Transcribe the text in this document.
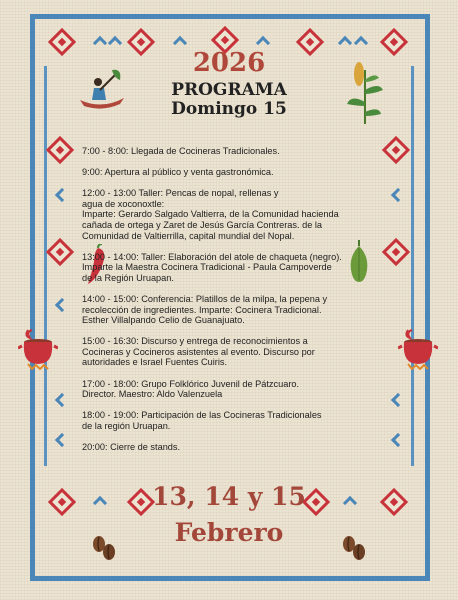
2026
PROGRAMA
Domingo 15
7:00 - 8:00: Llegada de Cocineras Tradicionales.
9:00: Apertura al público y venta gastronómica.
12:00 - 13:00 Taller: Pencas de nopal, rellenas y
agua de xoconoxtle:
Imparte: Gerardo Salgado Valtierra, de la Comunidad hacienda
cañada de ortega y Zaret de Jesús García Contreras. de la
Comunidad de Valtierrilla, capital mundial del Nopal.
13:00 - 14:00: Taller: Elaboración del atole de chaqueta (negro).
Imparte la Maestra Cocinera Tradicional - Paula Campoverde
de la Región Uruapan.
14:00 - 15:00: Conferencia: Platillos de la milpa, la pepena y
recolección de ingredientes. Imparte: Cocinera Tradicional.
Esther Villalpando Celio de Guanajuato.
15:00 - 16:30: Discurso y entrega de reconocimientos a
Cocineras y Cocineros asistentes al evento. Discurso por
autoridades e Israel Fuentes Cuiris.
17:00 - 18:00: Grupo Folklórico Juvenil de Pátzcuaro.
Director. Maestro: Aldo Valenzuela
18:00 - 19:00: Participación de las Cocineras Tradicionales
de la región Uruapan.
20:00: Cierre de stands.
13, 14 y 15
Febrero
